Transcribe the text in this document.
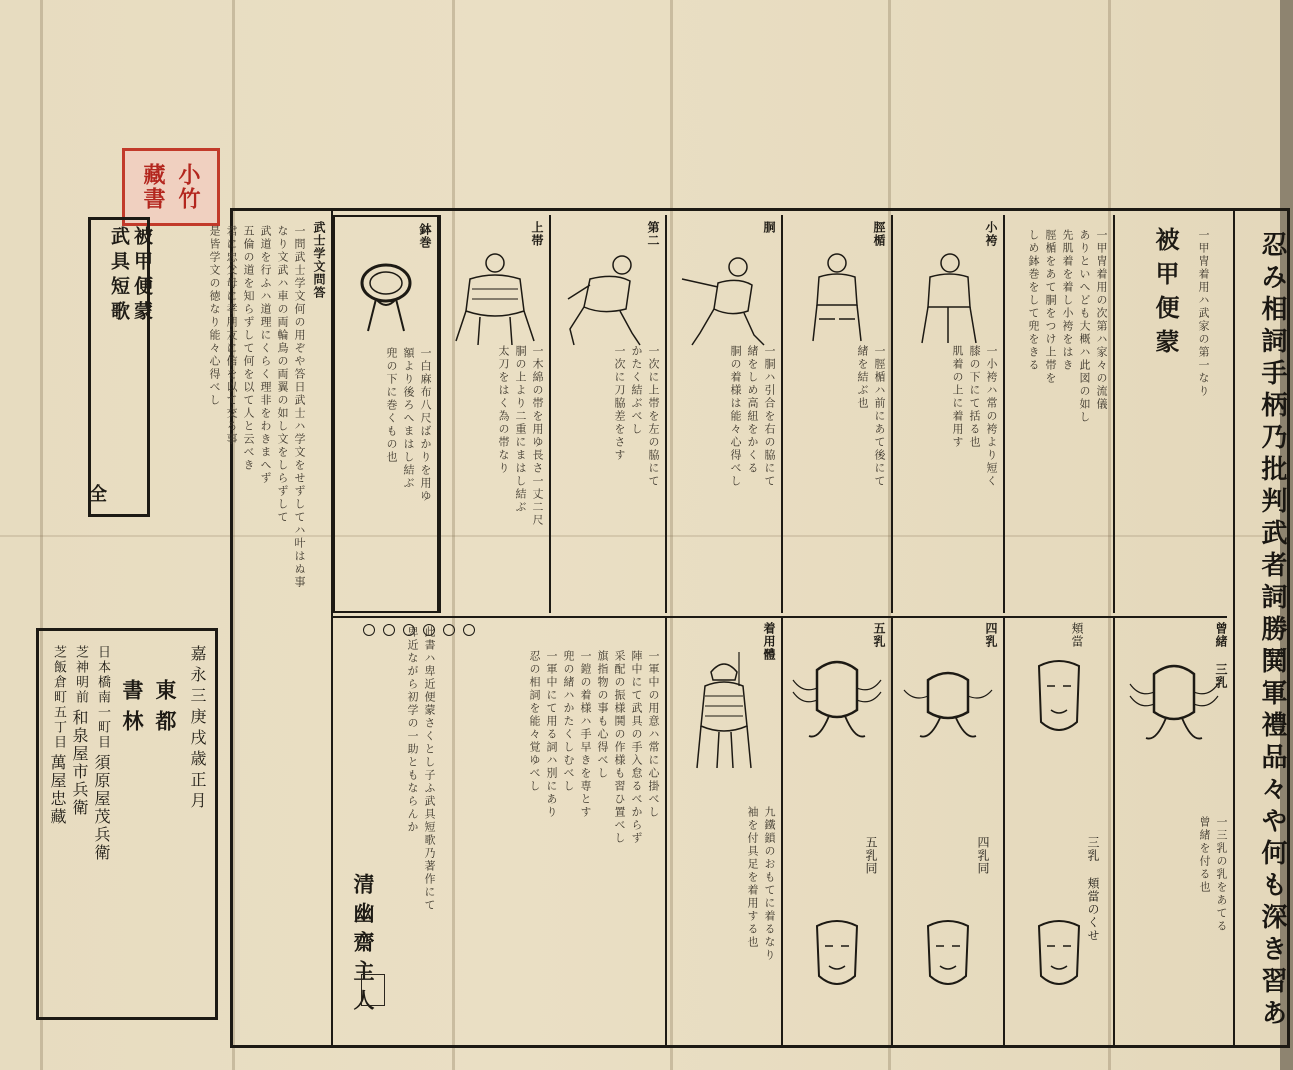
小竹
藏書
被甲便蒙
武具短歌
全
嘉永三庚戌歳正月
東都
書林
日本橋南一町目
須原屋茂兵衛
芝神明前
和泉屋市兵衛
芝飯倉町五丁目
萬屋忠藏
武士学文問答
一問武士学文何の用ぞや答日武士ハ学文をせずしてハ叶はぬ事
なり文武ハ車の両輪鳥の両翼の如し文をしらずして
武道を行ふハ道理にくらく理非をわきまへず
五倫の道を知らずして何を以て人と云べき
君に忠父母に孝朋友に信を以て交る事
是皆学文の徳なり能々心得べし	鉢巻
一白麻布八尺ばかりを用ゆ
額より後ろへまはし結ぶ
兜の下に巻くもの也
上帯
一木綿の帯を用ゆ長さ一丈二尺
胴の上より二重にまはし結ぶ
太刀をはく為の帯なり
第二
一次に上帯を左の脇にて
かたく結ぶべし
一次に刀脇差をさす
胴
一胴ハ引合を右の脇にて
緒をしめ高紐をかくる
胴の着様は能々心得べし
脛楯
一脛楯ハ前にあて後にて
緒を結ぶ也
小袴
一小袴ハ常の袴より短く
膝の下にて括る也
肌着の上に着用す	一甲冑着用の次第ハ家々の流儀
ありといへども大概ハ此図の如し
先肌着を着し小袴をはき
脛楯をあて胴をつけ上帯を
しめ鉢巻をして兜をきる	被甲便蒙 一甲冑着用ハ武家の第一なり 忍み相詞手柄乃批判武者詞勝鬨軍禮品々や何も深き習あ
此書ハ卑近便蒙さくとし子ふ武具短歌乃著作にて
卑近ながら初学の一助ともならんか	一軍中の用意ハ常に心掛べし
陣中にて武具の手入怠るべからず
采配の振様鬨の作様も習ひ置べし
旗指物の事も心得べし
一鎧の着様ハ手早きを専とす
兜の緒ハかたくしむべし
一軍中にて用る詞ハ別にあり
忍の相詞を能々覚ゆべし
清幽齋主人
着用體
九鐵鎖のおもてに着るなり
袖を付具足を着用する也
五乳
五乳同
四乳
四乳同
頬當
三乳 頬當のくせ
曾緒 三乳
一三乳の乳をあてる
曾緒を付る也
